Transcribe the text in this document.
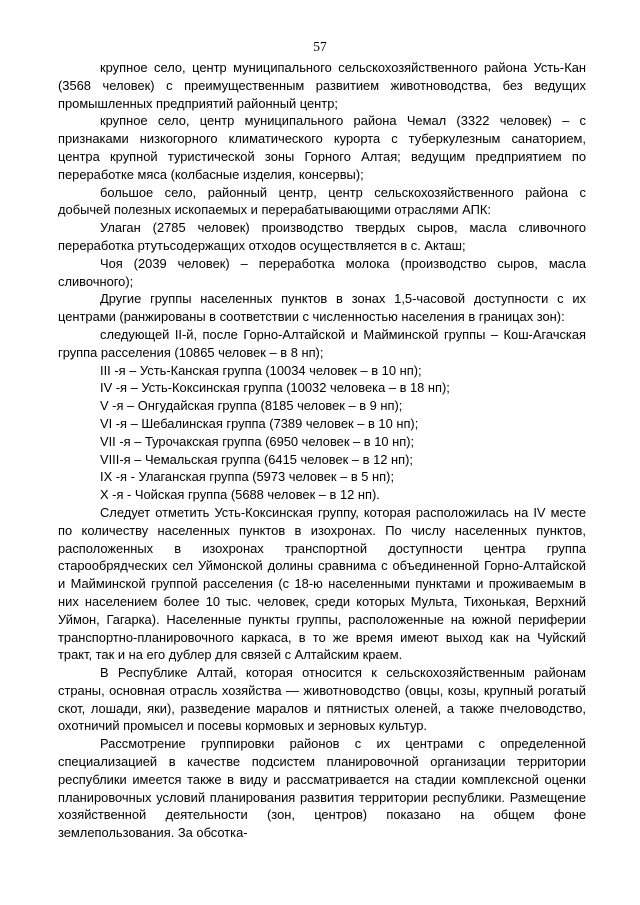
57

крупное село, центр муниципального сельскохозяйственного района Усть-Кан (3568 человек) с преимущественным развитием животноводства, без ведущих промышленных предприятий районный центр;

крупное село, центр муниципального района Чемал (3322 человек) – с признаками низкогорного климатического курорта с туберкулезным санаторием, центра крупной туристической зоны Горного Алтая; ведущим предприятием по переработке мяса (колбасные изделия, консервы);

большое село, районный центр, центр сельскохозяйственного района с добычей полезных ископаемых и перерабатывающими отраслями АПК:

Улаган (2785 человек) производство твердых сыров, масла сливочного переработка ртутьсодержащих отходов осуществляется в с. Акташ;

Чоя (2039 человек) – переработка молока (производство сыров, масла сливочного);

Другие группы населенных пунктов в зонах 1,5-часовой доступности с их центрами (ранжированы в соответствии с численностью населения в границах зон):

следующей II-й, после Горно-Алтайской и Майминской группы – Кош-Агачская группа расселения (10865 человек – в 8 нп);

III -я – Усть-Канская группа (10034 человек – в 10 нп);

IV -я – Усть-Коксинская группа (10032 человека – в 18 нп);

V -я – Онгудайская группа (8185 человек – в 9 нп);

VI -я – Шебалинская группа (7389 человек – в 10 нп);

VII -я – Турочакская группа (6950 человек – в 10 нп);

VIII-я – Чемальская группа (6415 человек – в 12 нп);

IX -я - Улаганская группа (5973 человек – в 5 нп);

X -я - Чойская группа (5688 человек – в 12 нп).

Следует отметить Усть-Коксинская группу, которая расположилась на IV месте по количеству населенных пунктов в изохронах. По числу населенных пунктов, расположенных в изохронах транспортной доступности центра группа старообрядческих сел Уймонской долины сравнима с объединенной Горно-Алтайской и Майминской группой расселения (с 18-ю населенными пунктами и проживаемым в них населением более 10 тыс. человек, среди которых Мульта, Тихонькая, Верхний Уймон, Гагарка). Населенные пункты группы, расположенные на южной периферии транспортно-планировочного каркаса, в то же время имеют выход как на Чуйский тракт, так и на его дублер для связей с Алтайским краем.

В Республике Алтай, которая относится к сельскохозяйственным районам страны, основная отрасль хозяйства — животноводство (овцы, козы, крупный рогатый скот, лошади, яки), разведение маралов и пятнистых оленей, а также пчеловодство, охотничий промысел и посевы кормовых и зерновых культур.

Рассмотрение группировки районов с их центрами с определенной специализацией в качестве подсистем планировочной организации территории республики имеется также в виду и рассматривается на стадии комплексной оценки планировочных условий планирования развития территории республики. Размещение хозяйственной деятельности (зон, центров) показано на общем фоне землепользования. За обсотка-
